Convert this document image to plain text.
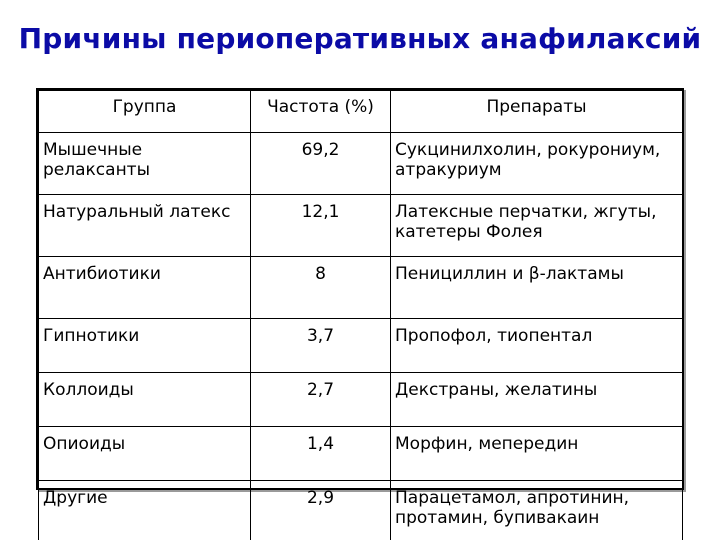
Причины периоперативных анафилаксий
Группа	Частота (%)	Препараты
Мышечные релаксанты	69,2	Сукцинилхолин, рокурониум, атракуриум
Натуральный латекс	12,1	Латексные перчатки, жгуты, катетеры Фолея
Антибиотики	8	Пенициллин и β-лактамы
Гипнотики	3,7	Пропофол, тиопентал
Коллоиды	2,7	Декстраны, желатины
Опиоиды	1,4	Морфин, мепередин
Другие	2,9	Парацетамол, апротинин, протамин, бупивакаин
